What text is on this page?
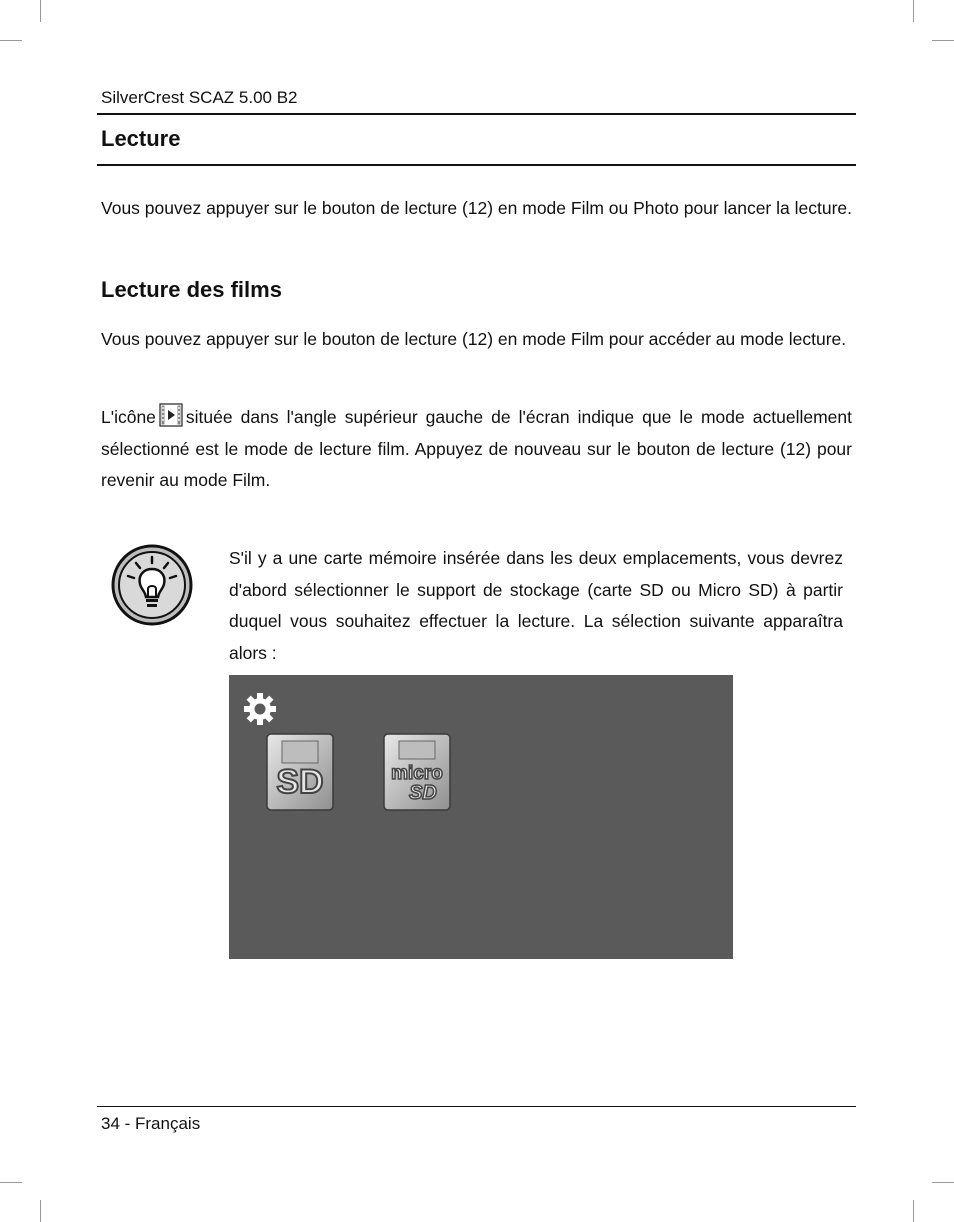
SilverCrest SCAZ 5.00 B2
Lecture

Vous pouvez appuyer sur le bouton de lecture (12) en mode Film ou Photo pour lancer la lecture.

Lecture des films

Vous pouvez appuyer sur le bouton de lecture (12) en mode Film pour accéder au mode lecture.

L'icône située dans l'angle supérieur gauche de l'écran indique que le mode actuellement sélectionné est le mode de lecture film. Appuyez de nouveau sur le bouton de lecture (12) pour revenir au mode Film.

S'il y a une carte mémoire insérée dans les deux emplacements, vous devrez d'abord sélectionner le support de stockage (carte SD ou Micro SD) à partir duquel vous souhaitez effectuer la lecture. La sélection suivante apparaîtra alors :

SD	micro
SD
34 - Français
